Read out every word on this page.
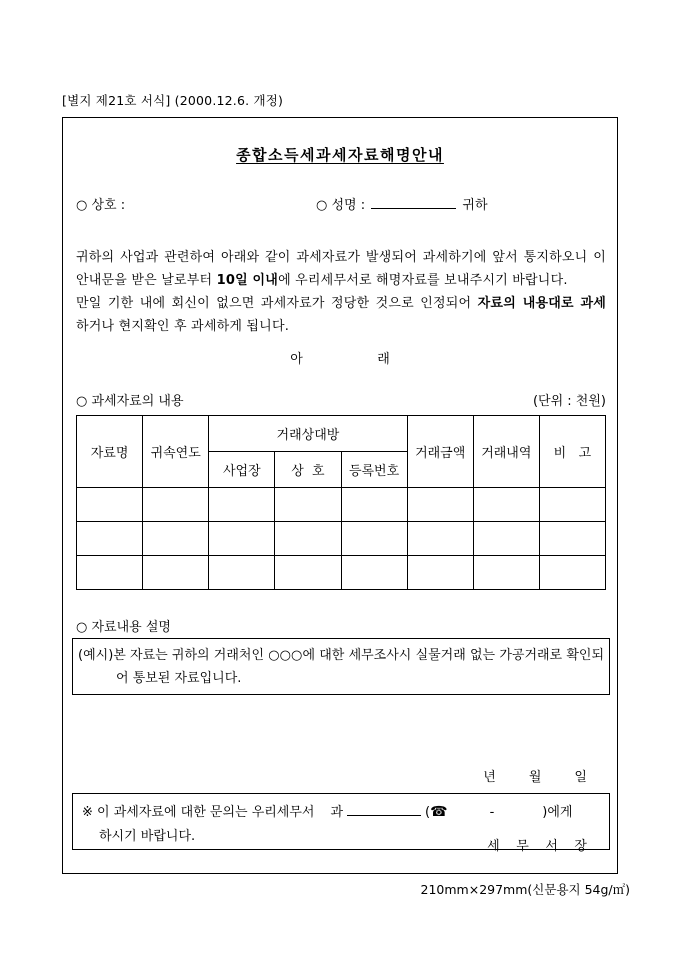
[별지 제21호 서식] (2000.12.6. 개정)
종합소득세과세자료해명안내
○ 상호 :	○ 성명 :	귀하
귀하의 사업과 관련하여 아래와 같이 과세자료가 발생되어 과세하기에 앞서 통지하오니 이
안내문을 받은 날로부터 10일 이내에 우리세무서로 해명자료를 보내주시기 바랍니다.
만일 기한 내에 회신이 없으면 과세자료가 정당한 것으로 인정되어 자료의 내용대로 과세
하거나 현지확인 후 과세하게 됩니다.
아                  래
○ 과세자료의 내용	(단위 : 천원)
자료명	귀속연도	거래상대방			거래금액	거래내역	비   고
		사업장	상  호	등록번호			

○ 자료내용 설명
(예시)본 자료는 귀하의 거래처인 ○○○에 대한 세무조사시 실물거래 없는 가공거래로 확인되
어 통보된 자료입니다.

년        월        일

세    무    서    장

※ 이 과세자료에 대한 문의는 우리세무서 과	(☎	-	)에게
하시기 바랍니다.
210mm×297mm(신문용지 54g/㎡)
